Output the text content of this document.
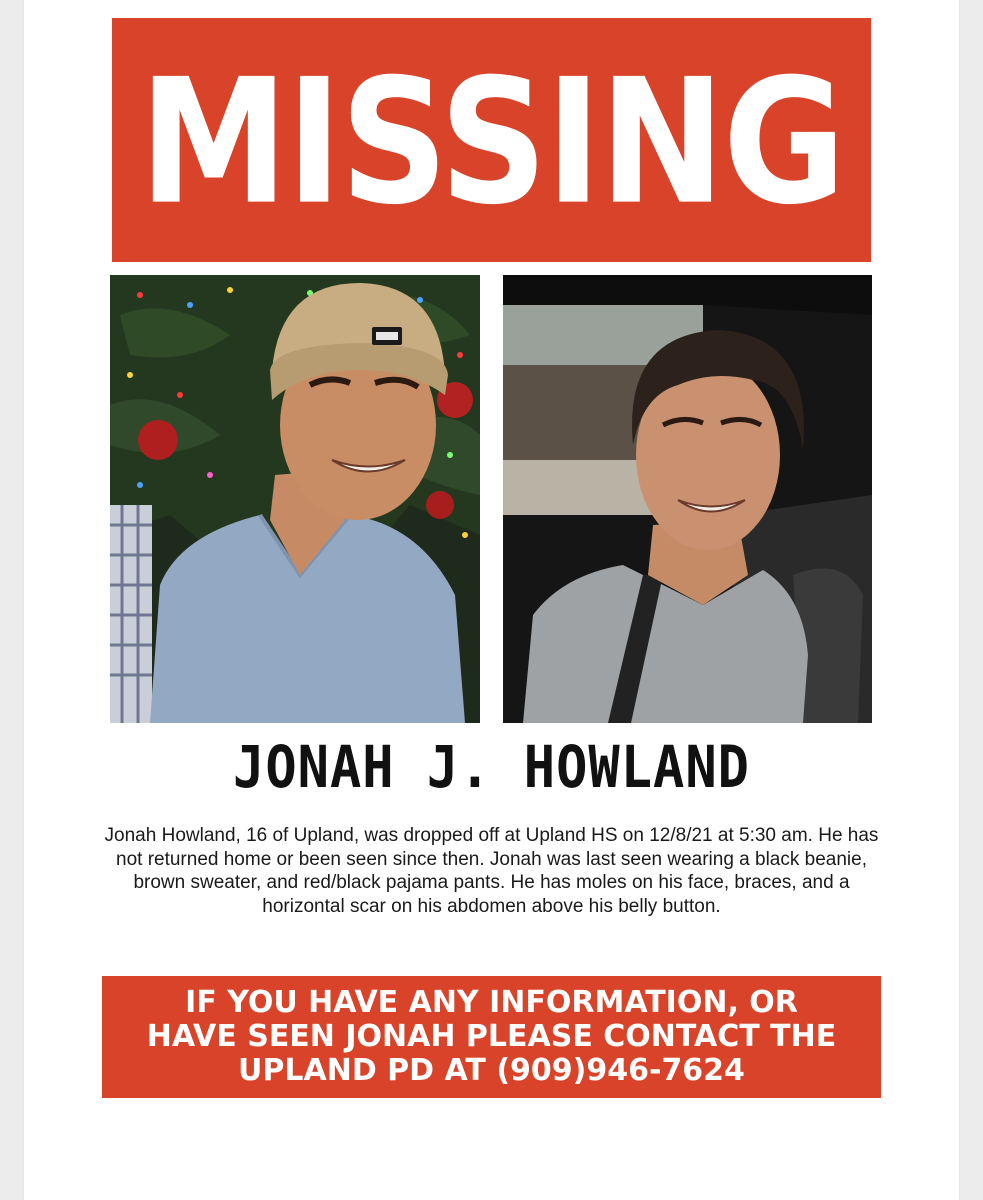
MISSING
JONAH J. HOWLAND
Jonah Howland, 16 of Upland, was dropped off at Upland HS on 12/8/21 at 5:30 am. He has not returned home or been seen since then. Jonah was last seen wearing a black beanie, brown sweater, and red/black pajama pants. He has moles on his face, braces, and a horizontal scar on his abdomen above his belly button.
IF YOU HAVE ANY INFORMATION, OR
HAVE SEEN JONAH PLEASE CONTACT THE
UPLAND PD AT (909)946-7624
